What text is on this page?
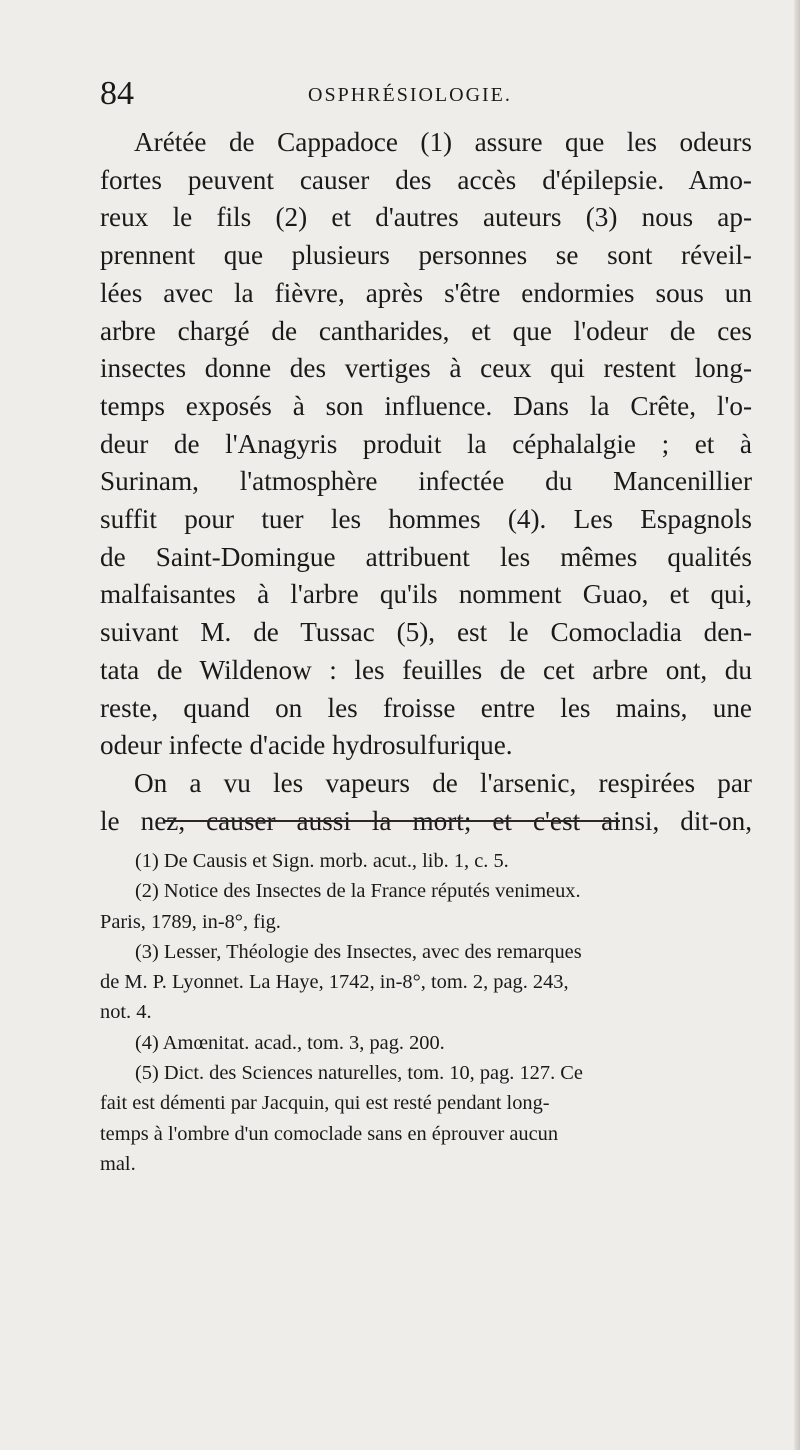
84	OSPHRÉSIOLOGIE.
Arétée de Cappadoce (1) assure que les odeurs
fortes peuvent causer des accès d'épilepsie. Amo-
reux le fils (2) et d'autres auteurs (3) nous ap-
prennent que plusieurs personnes se sont réveil-
lées avec la fièvre, après s'être endormies sous un
arbre chargé de cantharides, et que l'odeur de ces
insectes donne des vertiges à ceux qui restent long-
temps exposés à son influence. Dans la Crête, l'o-
deur de l'Anagyris produit la céphalalgie ; et à
Surinam, l'atmosphère infectée du Mancenillier
suffit pour tuer les hommes (4). Les Espagnols
de Saint-Domingue attribuent les mêmes qualités
malfaisantes à l'arbre qu'ils nomment Guao, et qui,
suivant M. de Tussac (5), est le Comocladia den-
tata de Wildenow : les feuilles de cet arbre ont, du
reste, quand on les froisse entre les mains, une
odeur infecte d'acide hydrosulfurique.
On a vu les vapeurs de l'arsenic, respirées par
le nez, causer aussi la mort; et c'est ainsi, dit-on,
(1) De Causis et Sign. morb. acut., lib. 1, c. 5.
(2) Notice des Insectes de la France réputés venimeux.
Paris, 1789, in-8°, fig.
(3) Lesser, Théologie des Insectes, avec des remarques
de M. P. Lyonnet. La Haye, 1742, in-8°, tom. 2, pag. 243,
not. 4.
(4) Amœnitat. acad., tom. 3, pag. 200.
(5) Dict. des Sciences naturelles, tom. 10, pag. 127. Ce
fait est démenti par Jacquin, qui est resté pendant long-
temps à l'ombre d'un comoclade sans en éprouver aucun
mal.
